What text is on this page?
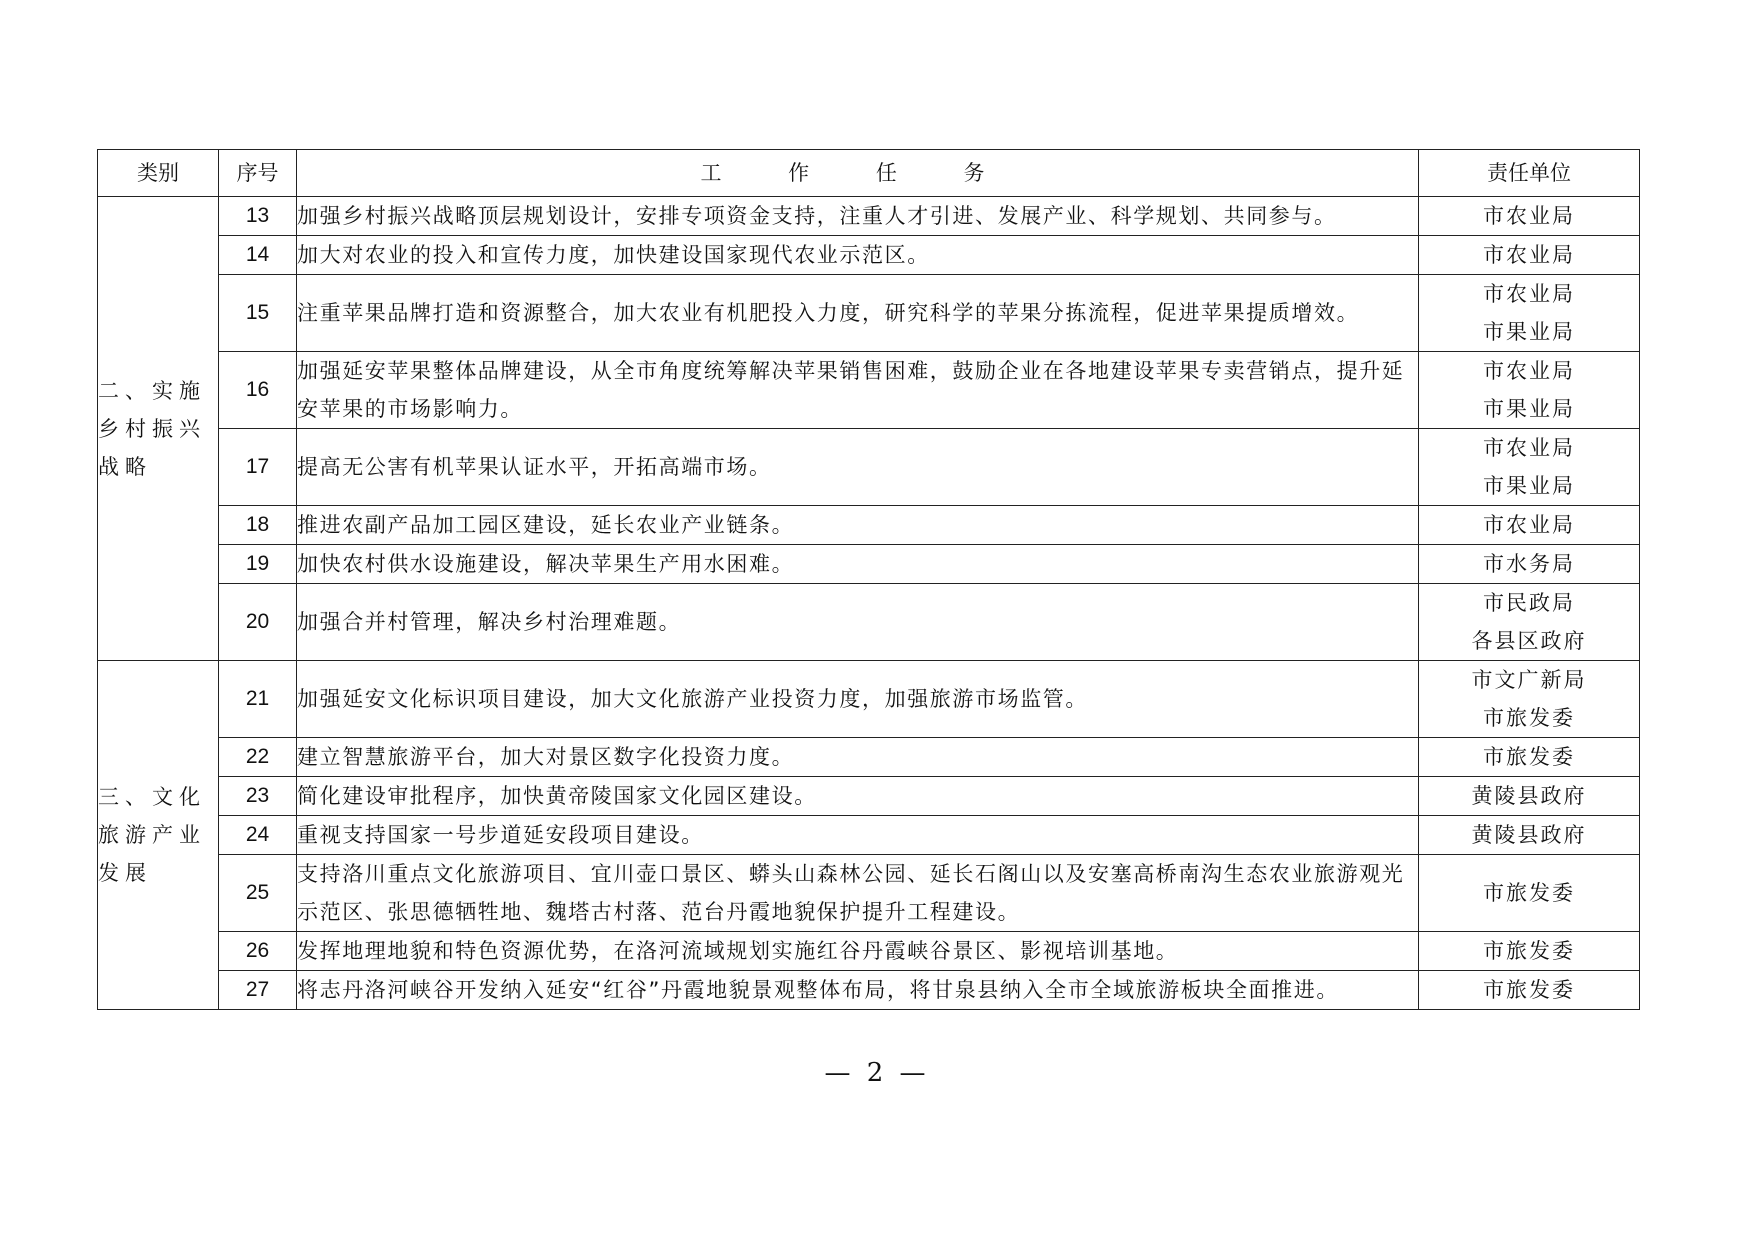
类别	序号	工 作 任 务	责任单位
二、实施乡村振兴战略	13	加强乡村振兴战略顶层规划设计，安排专项资金支持，注重人才引进、发展产业、科学规划、共同参与。	市农业局

	14	加大对农业的投入和宣传力度，加快建设国家现代农业示范区。	市农业局

	15	注重苹果品牌打造和资源整合，加大农业有机肥投入力度，研究科学的苹果分拣流程，促进苹果提质增效。	市农业局
市果业局

	16	加强延安苹果整体品牌建设，从全市角度统筹解决苹果销售困难，鼓励企业在各地建设苹果专卖营销点，提升延安苹果的市场影响力。	市农业局
市果业局

	17	提高无公害有机苹果认证水平，开拓高端市场。	市农业局
市果业局

	18	推进农副产品加工园区建设，延长农业产业链条。	市农业局

	19	加快农村供水设施建设，解决苹果生产用水困难。	市水务局

	20	加强合并村管理，解决乡村治理难题。	市民政局
各县区政府

三、文化旅游产业发展	21	加强延安文化标识项目建设，加大文化旅游产业投资力度，加强旅游市场监管。	市文广新局
市旅发委

	22	建立智慧旅游平台，加大对景区数字化投资力度。	市旅发委

	23	简化建设审批程序，加快黄帝陵国家文化园区建设。	黄陵县政府

	24	重视支持国家一号步道延安段项目建设。	黄陵县政府

	25	支持洛川重点文化旅游项目、宜川壶口景区、蟒头山森林公园、延长石阁山以及安塞高桥南沟生态农业旅游观光示范区、张思德牺牲地、魏塔古村落、范台丹霞地貌保护提升工程建设。	市旅发委

	26	发挥地理地貌和特色资源优势，在洛河流域规划实施红谷丹霞峡谷景区、影视培训基地。	市旅发委

	27	将志丹洛河峡谷开发纳入延安“红谷”丹霞地貌景观整体布局，将甘泉县纳入全市全域旅游板块全面推进。	市旅发委
— 2 —
